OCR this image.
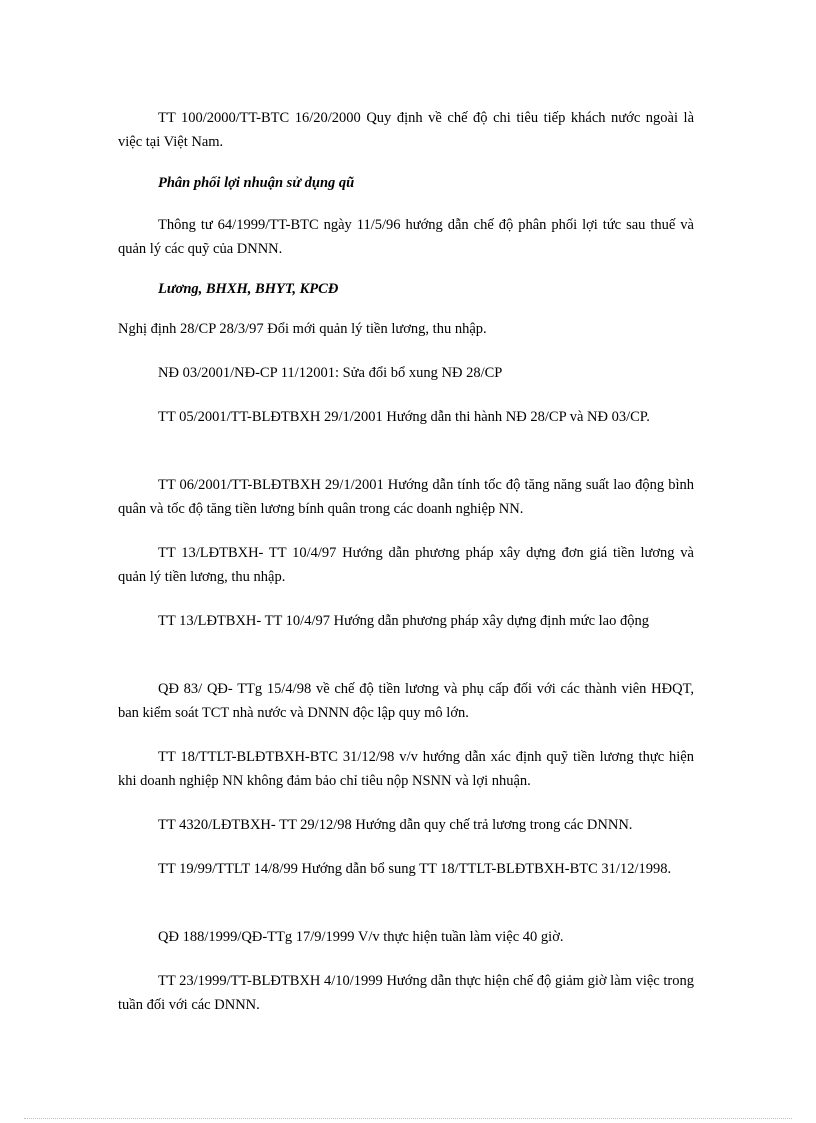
TT 100/2000/TT-BTC 16/20/2000 Quy định về chế độ chi tiêu tiếp khách nước ngoài là việc tại Việt Nam.
Phân phối lợi nhuận sử dụng qũ
Thông tư 64/1999/TT-BTC ngày 11/5/96 hướng dẫn chế độ phân phối lợi tức sau thuế và quản lý các quỹ của DNNN.
Lương, BHXH, BHYT, KPCĐ
Nghị định 28/CP 28/3/97 Đổi mới quản lý tiền lương, thu nhập.
NĐ 03/2001/NĐ-CP 11/12001: Sửa đổi bổ xung NĐ 28/CP
TT 05/2001/TT-BLĐTBXH 29/1/2001 Hướng dẫn thi hành NĐ 28/CP và NĐ 03/CP.
TT 06/2001/TT-BLĐTBXH 29/1/2001 Hướng dẫn tính tốc độ tăng năng suất lao động bình quân và tốc độ tăng tiền lương bính quân trong các doanh nghiệp NN.
TT 13/LĐTBXH- TT 10/4/97 Hướng dẫn phương pháp xây dựng đơn giá tiền lương và quản lý tiền lương, thu nhập.
TT 13/LĐTBXH- TT 10/4/97 Hướng dẫn phương pháp xây dựng định mức lao động
QĐ 83/ QĐ- TTg 15/4/98 về chế độ tiền lương và phụ cấp đối với các thành viên HĐQT, ban kiểm soát TCT nhà nước và DNNN độc lập quy mô lớn.
TT 18/TTLT-BLĐTBXH-BTC 31/12/98 v/v hướng dẫn xác định quỹ tiền lương thực hiện khi doanh nghiệp NN không đảm bảo chỉ tiêu nộp NSNN và lợi nhuận.
TT 4320/LĐTBXH- TT 29/12/98 Hướng dẫn quy chế trả lương trong các DNNN.
TT 19/99/TTLT 14/8/99 Hướng dẫn bổ sung TT 18/TTLT-BLĐTBXH-BTC 31/12/1998.
QĐ 188/1999/QĐ-TTg 17/9/1999 V/v thực hiện tuần làm việc 40 giờ.
TT 23/1999/TT-BLĐTBXH 4/10/1999 Hướng dẫn thực hiện chế độ giảm giờ làm việc trong tuần đối với các DNNN.
